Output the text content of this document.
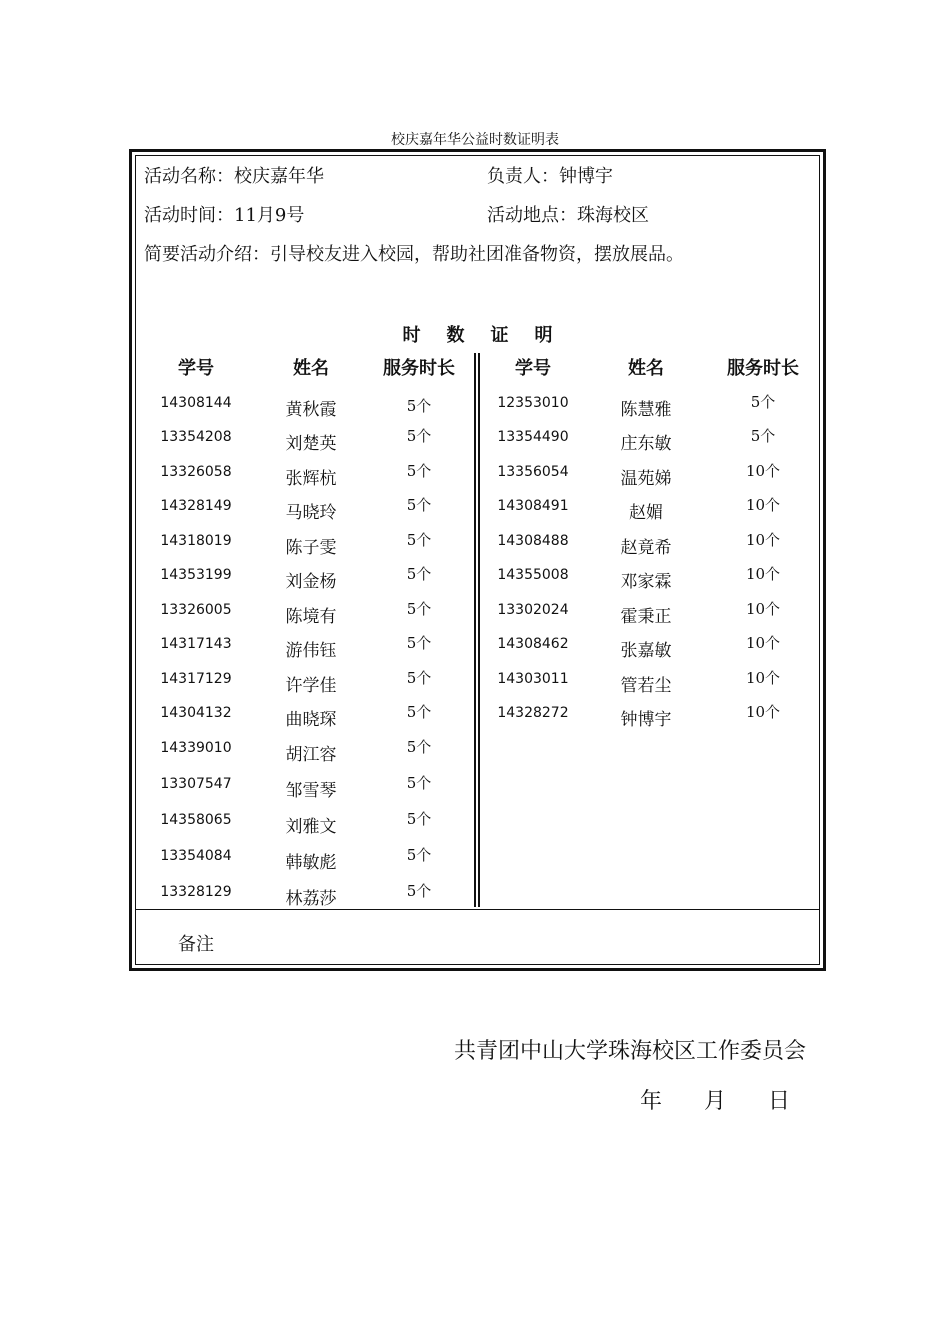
校庆嘉年华公益时数证明表
活动名称：校庆嘉年华	负责人：钟博宇
活动时间：11月9号	活动地点：珠海校区
简要活动介绍：引导校友进入校园，帮助社团准备物资，摆放展品。
时数证明
学号	姓名	服务时长	学号	姓名	服务时长
备注
14308144	黄秋霞	5个
13354208	刘楚英	5个
13326058	张辉杭	5个
14328149	马晓玲	5个
14318019	陈子雯	5个
14353199	刘金杨	5个
13326005	陈境有	5个
14317143	游伟钰	5个
14317129	许学佳	5个
14304132	曲晓琛	5个
14339010	胡江容	5个
13307547	邹雪琴	5个
14358065	刘雅文	5个
13354084	韩敏彪	5个
13328129	林荔莎	5个
12353010	陈慧雅	5个
13354490	庄东敏	5个
13356054	温苑娣	10个
14308491	赵媚	10个
14308488	赵竟希	10个
14355008	邓家霖	10个
13302024	霍秉正	10个
14308462	张嘉敏	10个
14303011	管若尘	10个
14328272	钟博宇	10个
共青团中山大学珠海校区工作委员会
年 月 日
